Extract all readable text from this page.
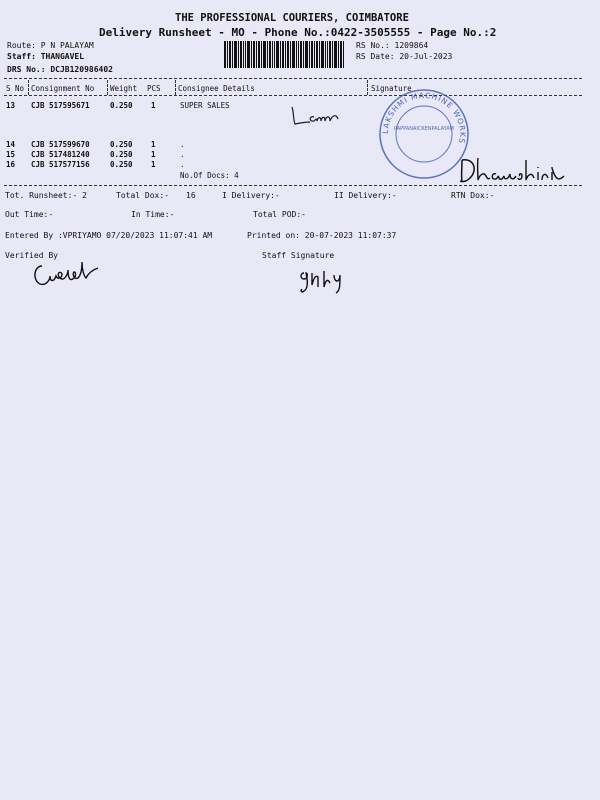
THE PROFESSIONAL COURIERS, COIMBATORE
Delivery Runsheet - MO - Phone No.:0422-3505555 - Page No.:2
Route: P N PALAYAM
Staff: THANGAVEL
DRS No.: DCJB120986402
RS No.: 1209864
RS Date: 20-Jul-2023
S No Consignment No Weight PCS Consignee Details	Signature
13 CJB 517595671	0.250 1	SUPER SALES
14 CJB 517599670	0.250 1	.
15 CJB 517481240	0.250 1	.
16 CJB 517577156	0.250 1	.
No.Of Docs: 4
LAKSHMI MACHINE WORKS
PAPPANAICKENPALAYAM
Tot. Runsheet:- 2	Total Dox:- 16	I Delivery:-	II Delivery:-	RTN Dox:-
Out Time:-	In Time:-	Total POD:-
Entered By :VPRIYAMO 07/20/2023 11:07:41 AM	Printed on: 20-07-2023 11:07:37
Verified By	Staff Signature
